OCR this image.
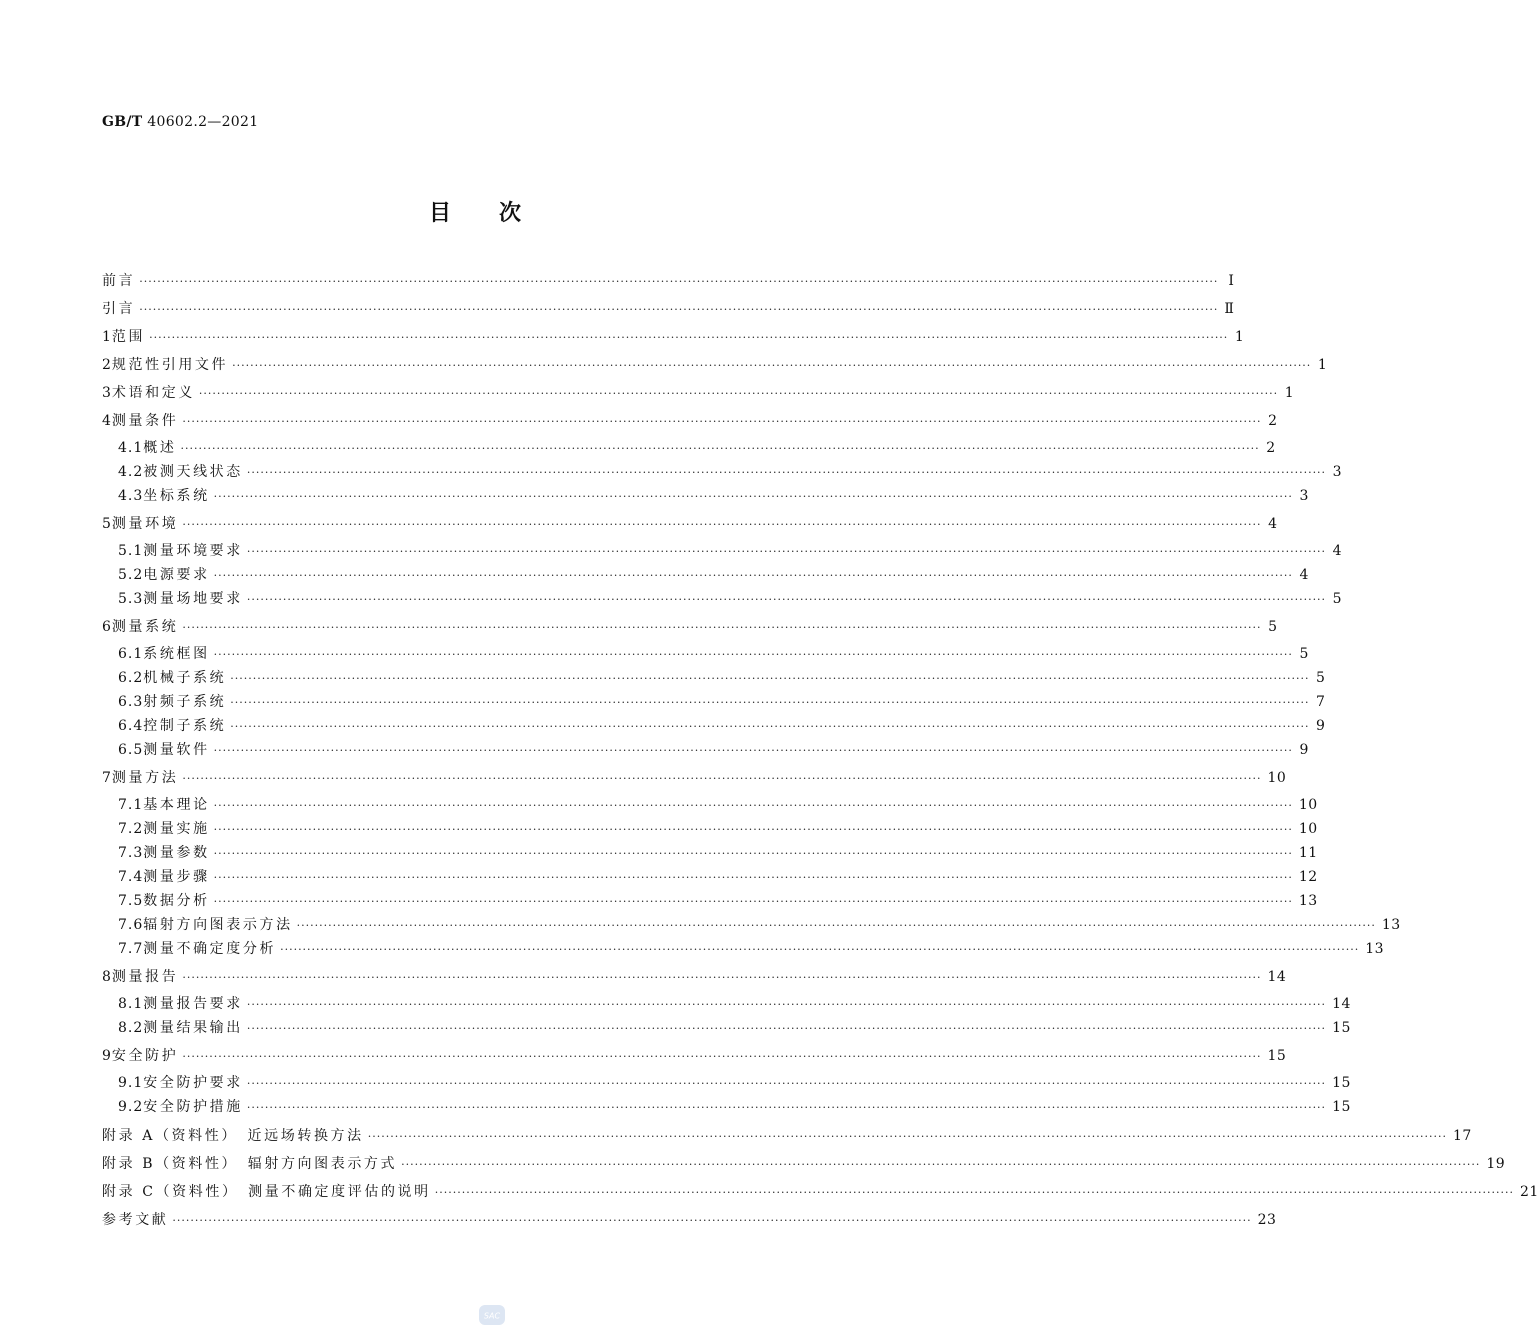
GB/T 40602.2—2021
目次
前言 ················································································································································································································································ Ⅰ
引言 ················································································································································································································································ Ⅱ
1 范围 ················································································································································································································································ 1
2 规范性引用文件 ················································································································································································································································ 1
3 术语和定义 ················································································································································································································································ 1
4 测量条件 ················································································································································································································································ 2
4.1 概述 ················································································································································································································································ 2
4.2 被测天线状态 ················································································································································································································································ 3
4.3 坐标系统 ················································································································································································································································ 3
5 测量环境 ················································································································································································································································ 4
5.1 测量环境要求 ················································································································································································································································ 4
5.2 电源要求 ················································································································································································································································ 4
5.3 测量场地要求 ················································································································································································································································ 5
6 测量系统 ················································································································································································································································ 5
6.1 系统框图 ················································································································································································································································ 5
6.2 机械子系统 ················································································································································································································································ 5
6.3 射频子系统 ················································································································································································································································ 7
6.4 控制子系统 ················································································································································································································································ 9
6.5 测量软件 ················································································································································································································································ 9
7 测量方法 ················································································································································································································································ 10
7.1 基本理论 ················································································································································································································································ 10
7.2 测量实施 ················································································································································································································································ 10
7.3 测量参数 ················································································································································································································································ 11
7.4 测量步骤 ················································································································································································································································ 12
7.5 数据分析 ················································································································································································································································ 13
7.6 辐射方向图表示方法 ················································································································································································································································ 13
7.7 测量不确定度分析 ················································································································································································································································ 13
8 测量报告 ················································································································································································································································ 14
8.1 测量报告要求 ················································································································································································································································ 14
8.2 测量结果输出 ················································································································································································································································ 15
9 安全防护 ················································································································································································································································ 15
9.1 安全防护要求 ················································································································································································································································ 15
9.2 安全防护措施 ················································································································································································································································ 15
附录 A（资料性）　近远场转换方法 ················································································································································································································································ 17
附录 B（资料性）　辐射方向图表示方式 ················································································································································································································································ 19
附录 C（资料性）　测量不确定度评估的说明 ················································································································································································································································ 21
参考文献 ················································································································································································································································ 23
SAC
